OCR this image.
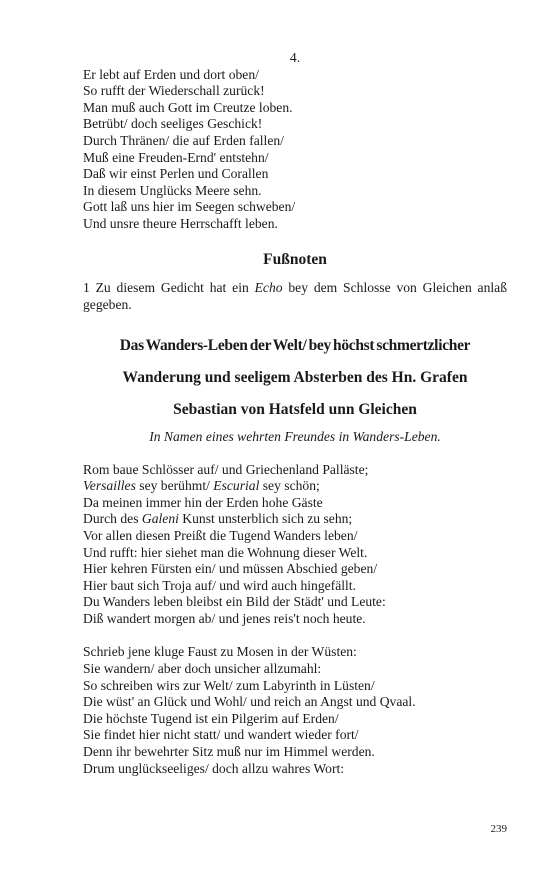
4.
Er lebt auf Erden und dort oben/
So rufft der Wiederschall zurück!
Man muß auch Gott im Creutze loben.
Betrübt/ doch seeliges Geschick!
Durch Thränen/ die auf Erden fallen/
Muß eine Freuden-Ernd' entstehn/
Daß wir einst Perlen und Corallen
In diesem Unglücks Meere sehn.
Gott laß uns hier im Seegen schweben/
Und unsre theure Herrschafft leben.
Fußnoten
1 Zu diesem Gedicht hat ein Echo bey dem Schlosse von Gleichen anlaß gegeben.
Das Wanders-Leben der Welt/ bey höchst schmertzlicher
Wanderung und seeligem Absterben des Hn. Grafen
Sebastian von Hatsfeld unn Gleichen
In Namen eines wehrten Freundes in Wanders-Leben.
Rom baue Schlösser auf/ und Griechenland Palläste;
Versailles sey berühmt/ Escurial sey schön;
Da meinen immer hin der Erden hohe Gäste
Durch des Galeni Kunst unsterblich sich zu sehn;
Vor allen diesen Preißt die Tugend Wanders leben/
Und rufft: hier siehet man die Wohnung dieser Welt.
Hier kehren Fürsten ein/ und müssen Abschied geben/
Hier baut sich Troja auf/ und wird auch hingefällt.
Du Wanders leben bleibst ein Bild der Städt' und Leute:
Diß wandert morgen ab/ und jenes reis't noch heute.
Schrieb jene kluge Faust zu Mosen in der Wüsten:
Sie wandern/ aber doch unsicher allzumahl:
So schreiben wirs zur Welt/ zum Labyrinth in Lüsten/
Die wüst' an Glück und Wohl/ und reich an Angst und Qvaal.
Die höchste Tugend ist ein Pilgerim auf Erden/
Sie findet hier nicht statt/ und wandert wieder fort/
Denn ihr bewehrter Sitz muß nur im Himmel werden.
Drum unglückseeliges/ doch allzu wahres Wort:
239
